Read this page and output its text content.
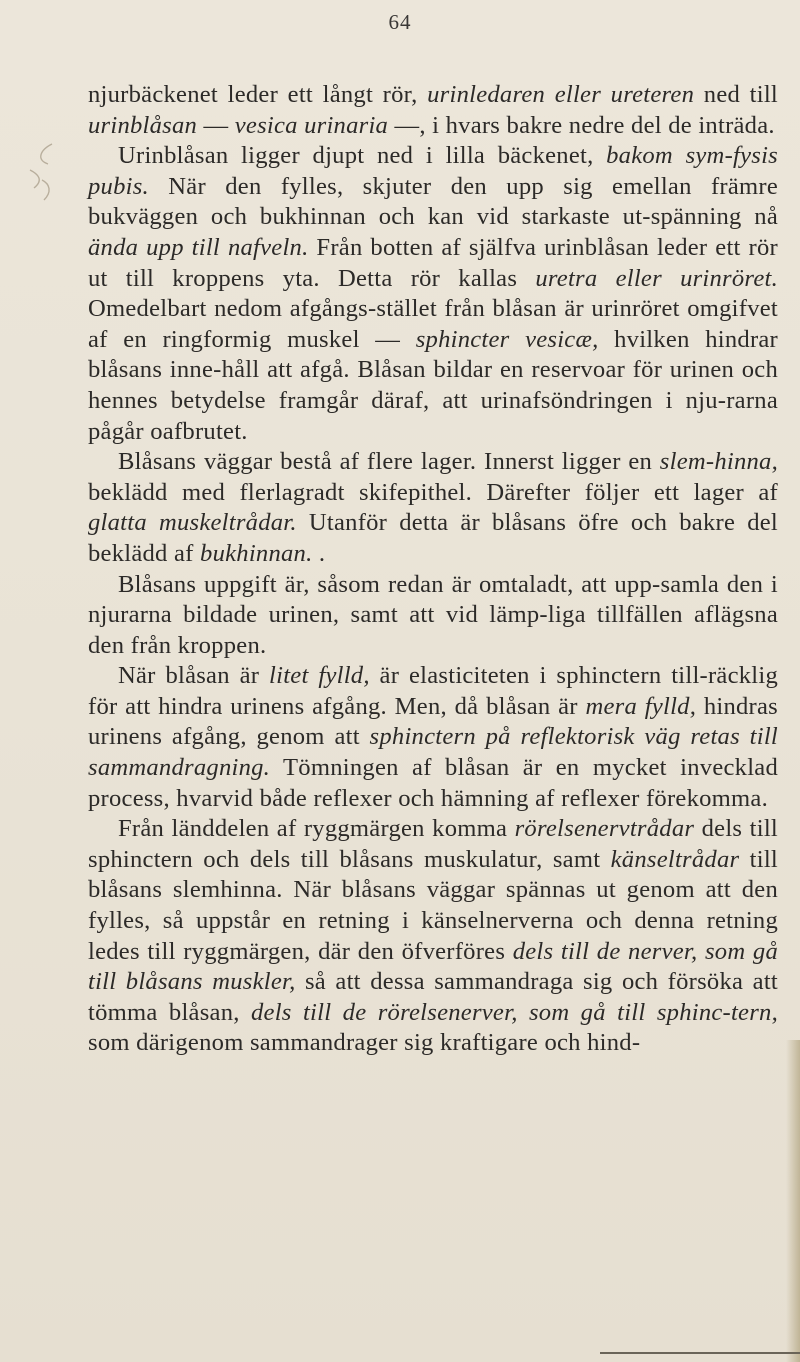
64

njurbäckenet leder ett långt rör, urinledaren eller ureteren ned till urinblåsan — vesica urinaria —, i hvars bakre nedre del de inträda.

Urinblåsan ligger djupt ned i lilla bäckenet, bakom sym-fysis pubis. När den fylles, skjuter den upp sig emellan främre bukväggen och bukhinnan och kan vid starkaste ut-spänning nå ända upp till nafveln. Från botten af själfva urinblåsan leder ett rör ut till kroppens yta. Detta rör kallas uretra eller urinröret. Omedelbart nedom afgångs-stället från blåsan är urinröret omgifvet af en ringformig muskel — sphincter vesicæ, hvilken hindrar blåsans inne-håll att afgå. Blåsan bildar en reservoar för urinen och hennes betydelse framgår däraf, att urinafsöndringen i nju-rarna pågår oafbrutet.

Blåsans väggar bestå af flere lager. Innerst ligger en slem-hinna, beklädd med flerlagradt skifepithel. Därefter följer ett lager af glatta muskeltrådar. Utanför detta är blåsans öfre och bakre del beklädd af bukhinnan. .

Blåsans uppgift är, såsom redan är omtaladt, att upp-samla den i njurarna bildade urinen, samt att vid lämp-liga tillfällen aflägsna den från kroppen.

När blåsan är litet fylld, är elasticiteten i sphinctern till-räcklig för att hindra urinens afgång. Men, då blåsan är mera fylld, hindras urinens afgång, genom att sphinctern på reflektorisk väg retas till sammandragning. Tömningen af blåsan är en mycket invecklad process, hvarvid både reflexer och hämning af reflexer förekomma.

Från länddelen af ryggmärgen komma rörelsenervtrådar dels till sphinctern och dels till blåsans muskulatur, samt känseltrådar till blåsans slemhinna. När blåsans väggar spännas ut genom att den fylles, så uppstår en retning i känselnerverna och denna retning ledes till ryggmärgen, där den öfverföres dels till de nerver, som gå till blåsans muskler, så att dessa sammandraga sig och försöka att tömma blåsan, dels till de rörelsenerver, som gå till sphinc-tern, som därigenom sammandrager sig kraftigare och hind-
